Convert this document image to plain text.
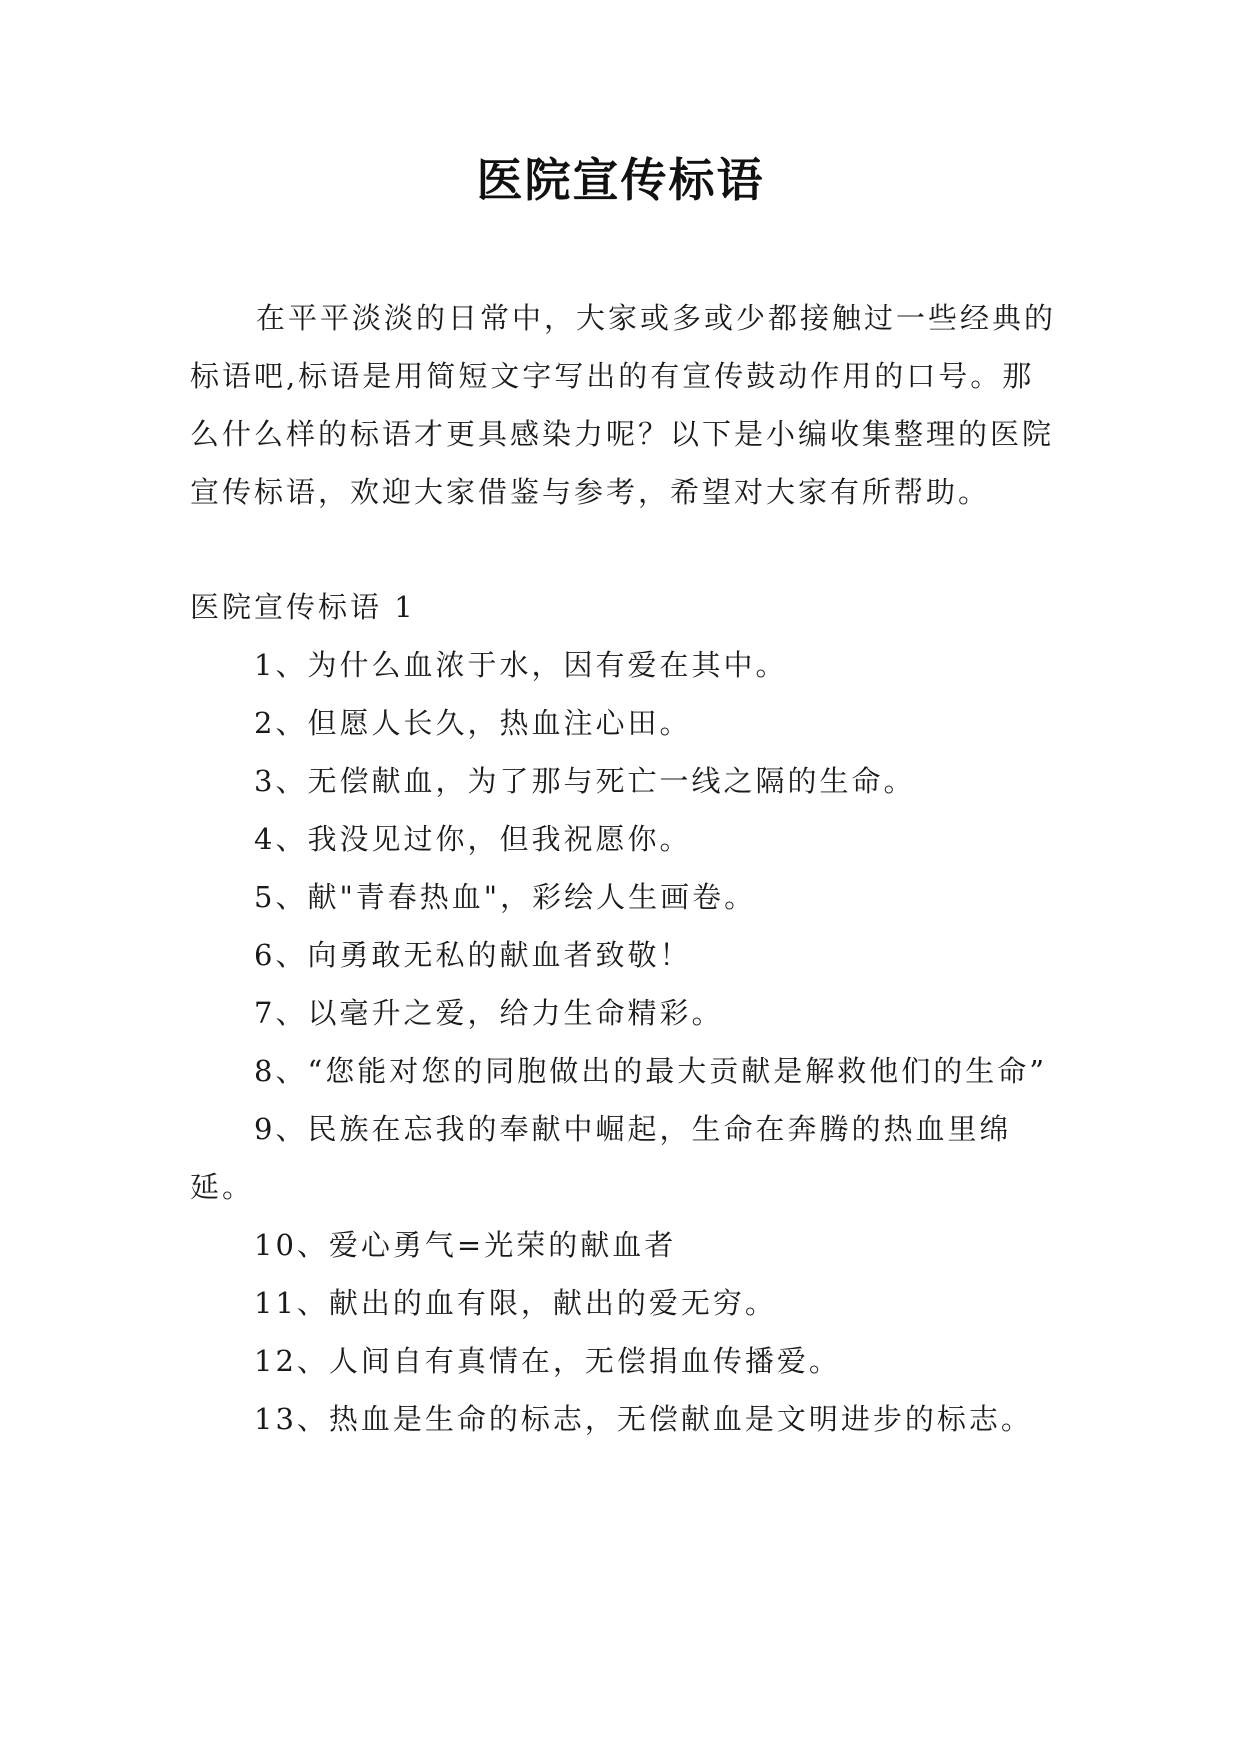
医院宣传标语

在平平淡淡的日常中，大家或多或少都接触过一些经典的标语吧,标语是用简短文字写出的有宣传鼓动作用的口号。那么什么样的标语才更具感染力呢？以下是小编收集整理的医院宣传标语，欢迎大家借鉴与参考，希望对大家有所帮助。

医院宣传标语 1
1、为什么血浓于水，因有爱在其中。
2、但愿人长久，热血注心田。
3、无偿献血，为了那与死亡一线之隔的生命。
4、我没见过你，但我祝愿你。
5、献"青春热血"，彩绘人生画卷。
6、向勇敢无私的献血者致敬！
7、以毫升之爱，给力生命精彩。
8、“您能对您的同胞做出的最大贡献是解救他们的生命”
9、民族在忘我的奉献中崛起，生命在奔腾的热血里绵延。
10、爱心勇气=光荣的献血者
11、献出的血有限，献出的爱无穷。
12、人间自有真情在，无偿捐血传播爱。
13、热血是生命的标志，无偿献血是文明进步的标志。
